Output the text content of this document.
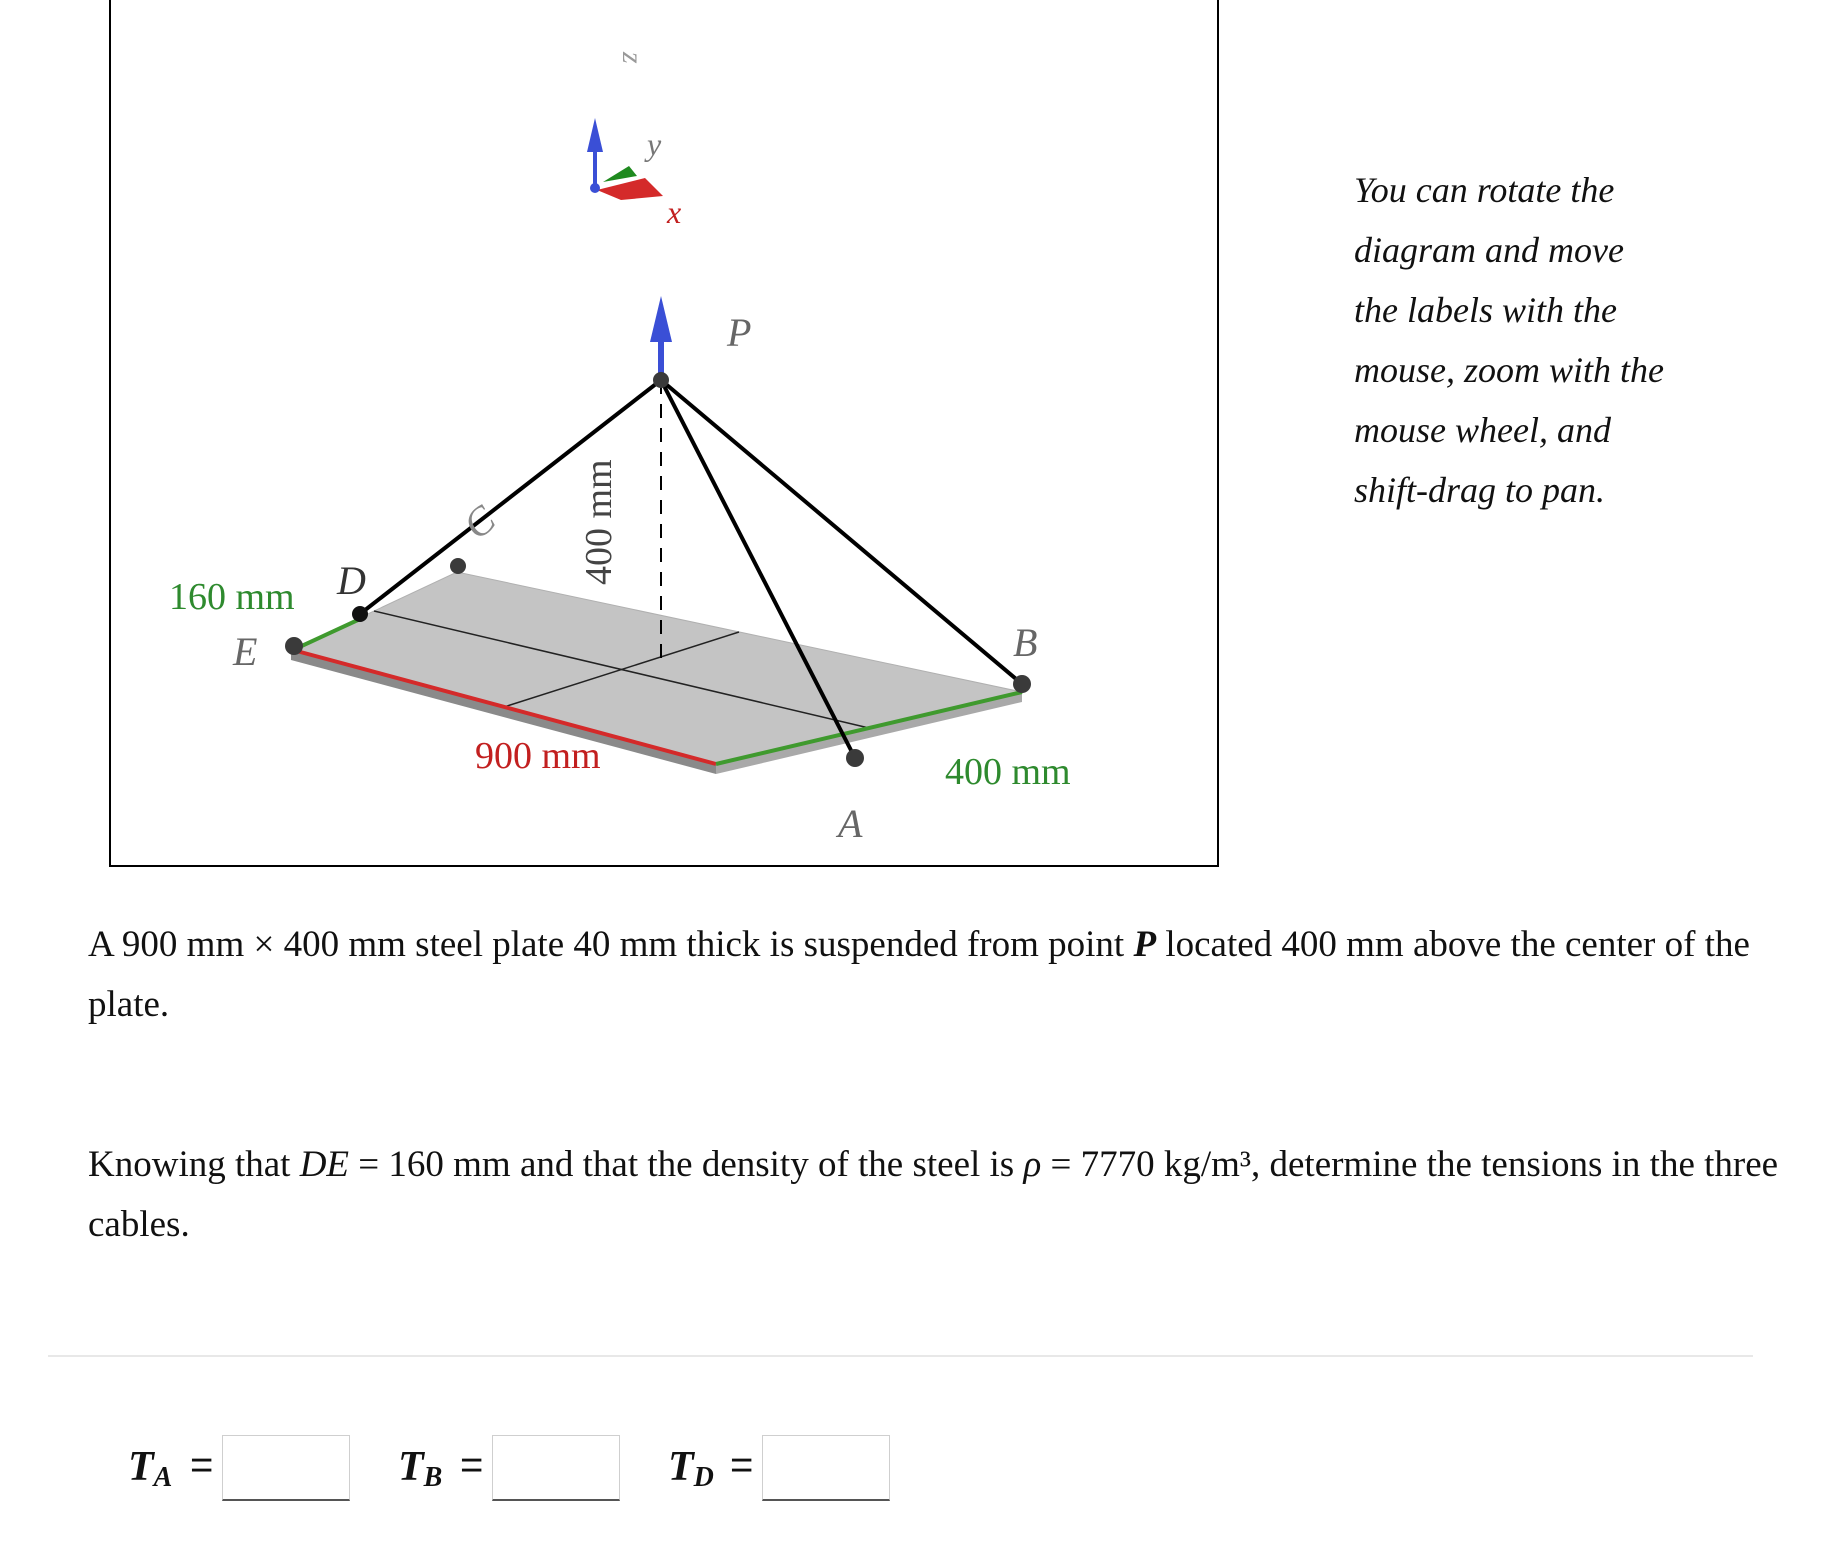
z
y
x
P
A
B
C
D
E
160 mm
900 mm	400 mm
400 mm
You can rotate the diagram and move the labels with the mouse, zoom with the mouse wheel, and shift-drag to pan.

A 900 mm × 400 mm steel plate 40 mm thick is suspended from point P located 400 mm above the center of the plate.

Knowing that DE = 160 mm and that the density of the steel is ρ = 7770 kg/m³, determine the tensions in the three cables.

$T_A$ =	$T_B$ =	$T_D$ =
